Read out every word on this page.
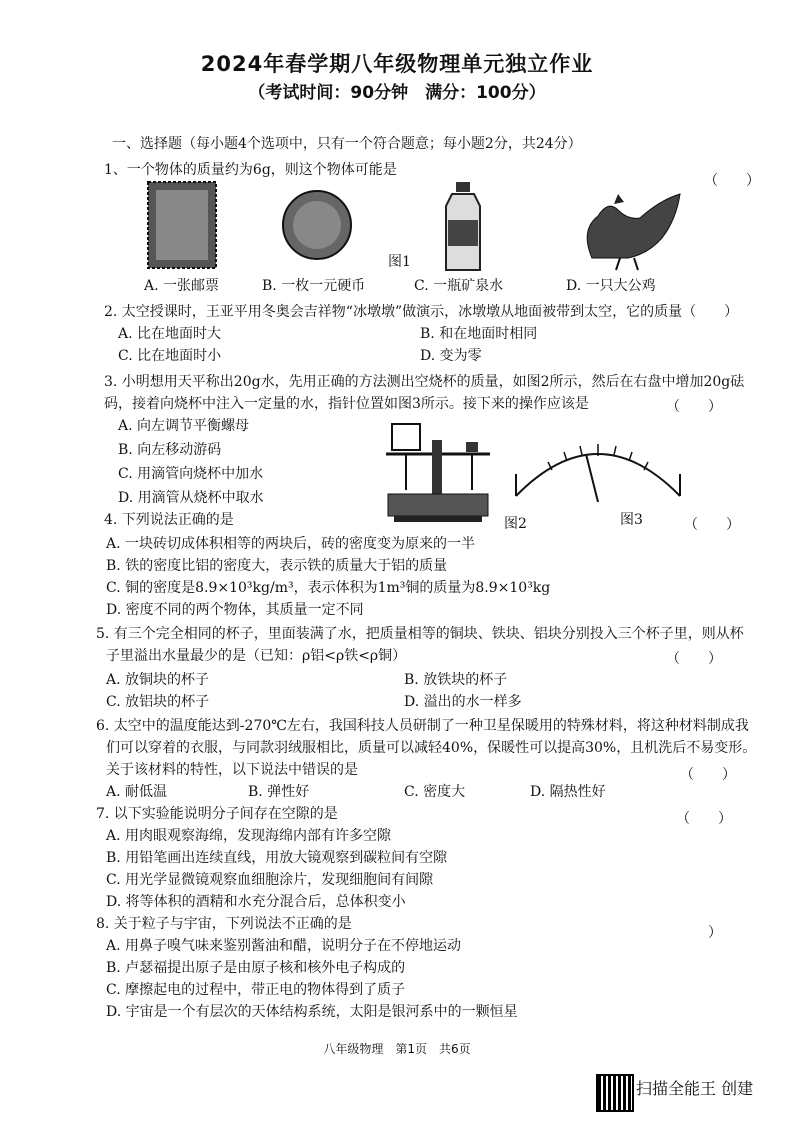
2024年春学期八年级物理单元独立作业
（考试时间：90分钟　满分：100分）
一、选择题（每小题4个选项中，只有一个符合题意；每小题2分，共24分）
1、一个物体的质量约为6g，则这个物体可能是
（　　）
图1
A. 一张邮票	B. 一枚一元硬币	C. 一瓶矿泉水	D. 一只大公鸡
2. 太空授课时，王亚平用冬奥会吉祥物“冰墩墩”做演示，冰墩墩从地面被带到太空，它的质量（　　）
A. 比在地面时大	B. 和在地面时相同
C. 比在地面时小	D. 变为零
3. 小明想用天平称出20g水，先用正确的方法测出空烧杯的质量，如图2所示，然后在右盘中增加20g砝
码，接着向烧杯中注入一定量的水，指针位置如图3所示。接下来的操作应该是	（　　）
A. 向左调节平衡螺母
B. 向左移动游码
C. 用滴管向烧杯中加水
D. 用滴管从烧杯中取水
图2	图3
4. 下列说法正确的是	（　　）
A. 一块砖切成体积相等的两块后，砖的密度变为原来的一半
B. 铁的密度比铝的密度大，表示铁的质量大于铝的质量
C. 铜的密度是8.9×10³kg/m³，表示体积为1m³铜的质量为8.9×10³kg
D. 密度不同的两个物体，其质量一定不同
5. 有三个完全相同的杯子，里面装满了水，把质量相等的铜块、铁块、铝块分别投入三个杯子里，则从杯
子里溢出水量最少的是（已知：ρ铝<ρ铁<ρ铜）	（　　）
A. 放铜块的杯子	B. 放铁块的杯子
C. 放铝块的杯子	D. 溢出的水一样多
6. 太空中的温度能达到-270℃左右，我国科技人员研制了一种卫星保暖用的特殊材料，将这种材料制成我
们可以穿着的衣服，与同款羽绒服相比，质量可以减轻40%，保暖性可以提高30%，且机洗后不易变形。
关于该材料的特性，以下说法中错误的是	（　　）
A. 耐低温	B. 弹性好	C. 密度大	D. 隔热性好
7. 以下实验能说明分子间存在空隙的是	（　　）
A. 用肉眼观察海绵，发现海绵内部有许多空隙
B. 用铅笔画出连续直线，用放大镜观察到碳粒间有空隙
C. 用光学显微镜观察血细胞涂片，发现细胞间有间隙
D. 将等体积的酒精和水充分混合后，总体积变小
8. 关于粒子与宇宙，下列说法不正确的是
）
A. 用鼻子嗅气味来鉴别酱油和醋，说明分子在不停地运动
B. 卢瑟福提出原子是由原子核和核外电子构成的
C. 摩擦起电的过程中，带正电的物体得到了质子
D. 宇宙是一个有层次的天体结构系统，太阳是银河系中的一颗恒星
八年级物理　第1页　共6页
扫描全能王 创建
